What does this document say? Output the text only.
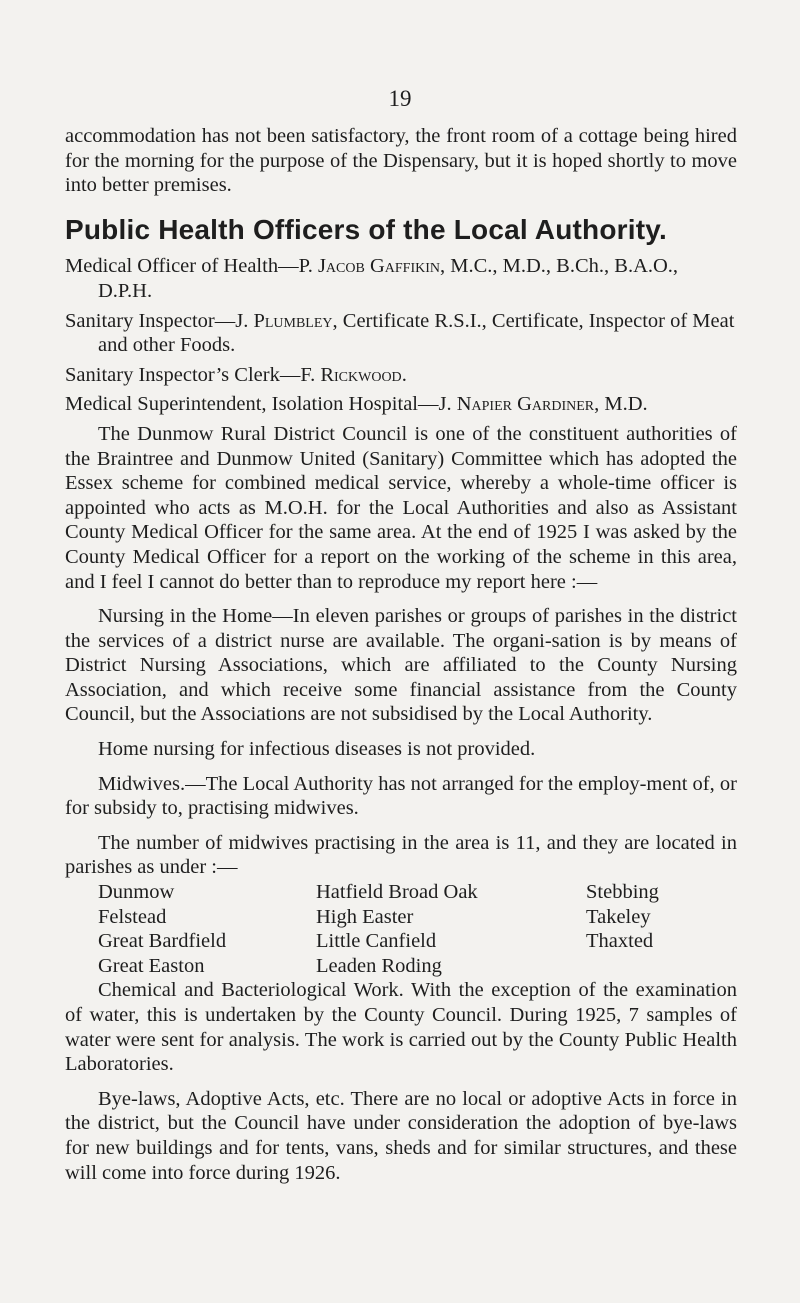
19

accommodation has not been satisfactory, the front room of a cottage being hired for the morning for the purpose of the Dispensary, but it is hoped shortly to move into better premises.

Public Health Officers of the Local Authority.

Medical Officer of Health—P. Jacob Gaffikin, M.C., M.D., B.Ch., B.A.O., D.P.H.

Sanitary Inspector—J. Plumbley, Certificate R.S.I., Certificate, Inspector of Meat and other Foods.

Sanitary Inspector’s Clerk—F. Rickwood.

Medical Superintendent, Isolation Hospital—J. Napier Gardiner, M.D.

The Dunmow Rural District Council is one of the constituent authorities of the Braintree and Dunmow United (Sanitary) Committee which has adopted the Essex scheme for combined medical service, whereby a whole-time officer is appointed who acts as M.O.H. for the Local Authorities and also as Assistant County Medical Officer for the same area. At the end of 1925 I was asked by the County Medical Officer for a report on the working of the scheme in this area, and I feel I cannot do better than to reproduce my report here :—

Nursing in the Home—In eleven parishes or groups of parishes in the district the services of a district nurse are available. The organi-sation is by means of District Nursing Associations, which are affiliated to the County Nursing Association, and which receive some financial assistance from the County Council, but the Associations are not subsidised by the Local Authority.

Home nursing for infectious diseases is not provided.

Midwives.—The Local Authority has not arranged for the employ-ment of, or for subsidy to, practising midwives.

The number of midwives practising in the area is 11, and they are located in parishes as under :—

Dunmow	Hatfield Broad Oak	Stebbing
Felstead	High Easter	Takeley
Great Bardfield	Little Canfield	Thaxted
Great Easton	Leaden Roding

Chemical and Bacteriological Work. With the exception of the examination of water, this is undertaken by the County Council. During 1925, 7 samples of water were sent for analysis. The work is carried out by the County Public Health Laboratories.

Bye-laws, Adoptive Acts, etc. There are no local or adoptive Acts in force in the district, but the Council have under consideration the adoption of bye-laws for new buildings and for tents, vans, sheds and for similar structures, and these will come into force during 1926.
